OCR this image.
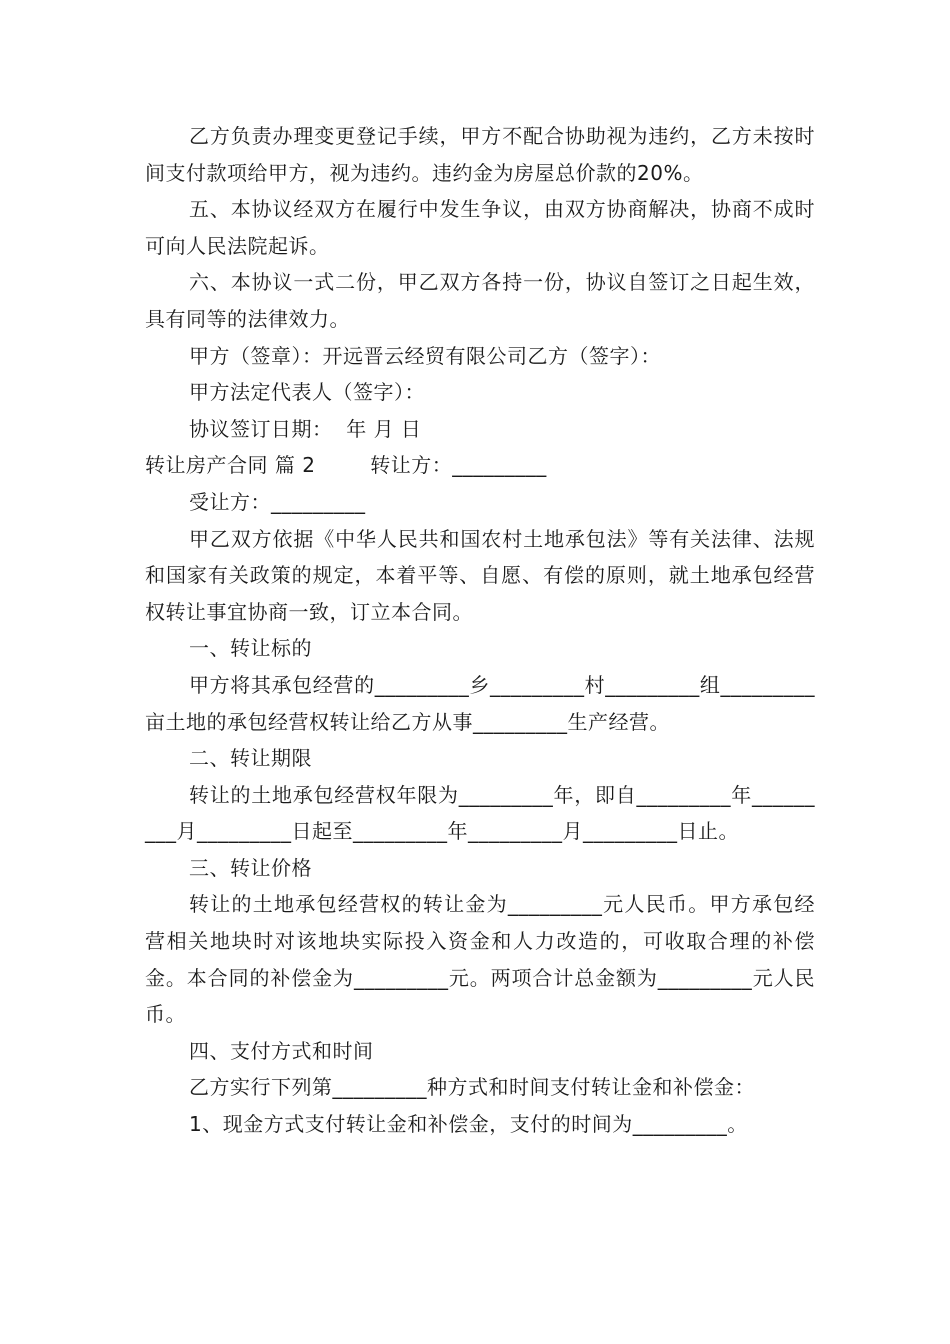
乙方负责办理变更登记手续，甲方不配合协助视为违约，乙方未按时间支付款项给甲方，视为违约。违约金为房屋总价款的20%。

五、本协议经双方在履行中发生争议，由双方协商解决，协商不成时可向人民法院起诉。

六、本协议一式二份，甲乙双方各持一份，协议自签订之日起生效，具有同等的法律效力。

甲方（签章）：开远晋云经贸有限公司乙方（签字）：

甲方法定代表人（签字）：

协议签订日期：  年 月 日

转让房产合同 篇 2        转让方：_________

受让方：_________

甲乙双方依据《中华人民共和国农村土地承包法》等有关法律、法规和国家有关政策的规定，本着平等、自愿、有偿的原则，就土地承包经营权转让事宜协商一致，订立本合同。

一、转让标的

甲方将其承包经营的_________乡_________村_________组_________亩土地的承包经营权转让给乙方从事_________生产经营。

二、转让期限

转让的土地承包经营权年限为_________年，即自_________年_________月_________日起至_________年_________月_________日止。

三、转让价格

转让的土地承包经营权的转让金为_________元人民币。甲方承包经营相关地块时对该地块实际投入资金和人力改造的，可收取合理的补偿金。本合同的补偿金为_________元。两项合计总金额为_________元人民币。

四、支付方式和时间

乙方实行下列第_________种方式和时间支付转让金和补偿金：

1、现金方式支付转让金和补偿金，支付的时间为_________。
